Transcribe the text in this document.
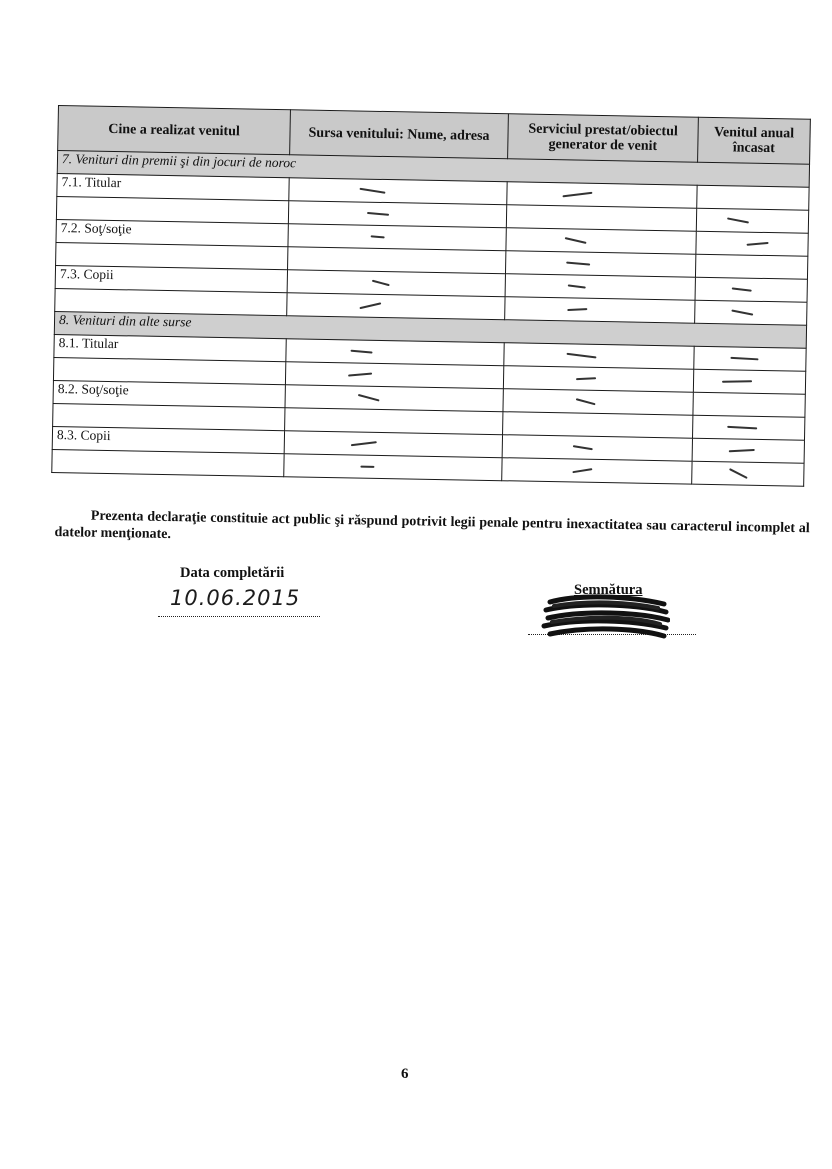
Cine a realizat venitul	Sursa venitului: Nume, adresa	Serviciul prestat/obiectul generator de venit	Venitul anual încasat
7. Venituri din premii şi din jocuri de noroc			
7.1. Titular	

7.2. Soţ/soţie	

7.3. Copii	

8. Venituri din alte surse			
8.1. Titular	

8.2. Soţ/soţie	

8.3. Copii	

Prezenta declaraţie constituie act public şi răspund potrivit legii penale pentru inexactitatea sau caracterul incomplet al datelor menţionate.
Data completării
10.06.2015	Semnătura
6
